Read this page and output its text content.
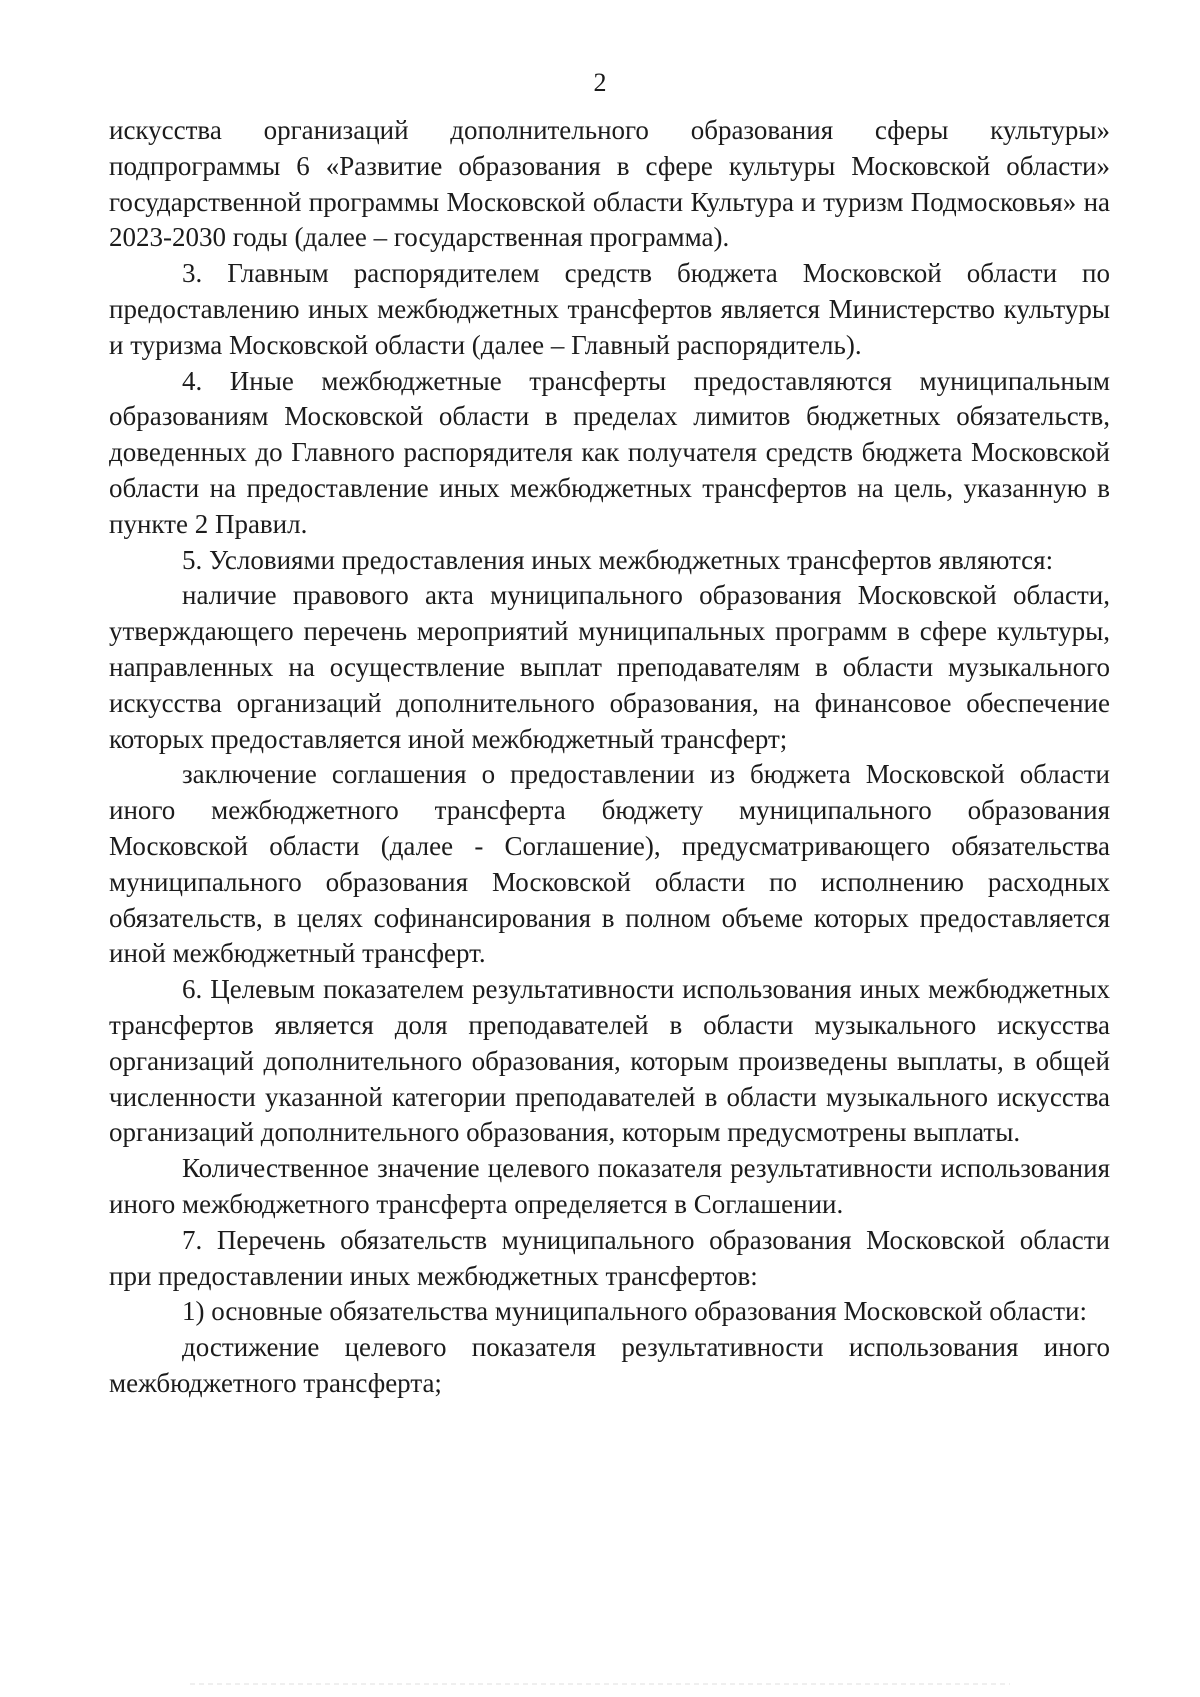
2

искусства организаций дополнительного образования сферы культуры» подпрограммы 6 «Развитие образования в сфере культуры Московской области» государственной программы Московской области Культура и туризм Подмосковья» на 2023-2030 годы (далее – государственная программа).

3. Главным распорядителем средств бюджета Московской области по предоставлению иных межбюджетных трансфертов является Министерство культуры и туризма Московской области (далее – Главный распорядитель).

4. Иные межбюджетные трансферты предоставляются муниципальным образованиям Московской области в пределах лимитов бюджетных обязательств, доведенных до Главного распорядителя как получателя средств бюджета Московской области на предоставление иных межбюджетных трансфертов на цель, указанную в пункте 2 Правил.

5. Условиями предоставления иных межбюджетных трансфертов являются:

наличие правового акта муниципального образования Московской области, утверждающего перечень мероприятий муниципальных программ в сфере культуры, направленных на осуществление выплат преподавателям в области музыкального искусства организаций дополнительного образования, на финансовое обеспечение которых предоставляется иной межбюджетный трансферт;

заключение соглашения о предоставлении из бюджета Московской области иного межбюджетного трансферта бюджету муниципального образования Московской области (далее - Соглашение), предусматривающего обязательства муниципального образования Московской области по исполнению расходных обязательств, в целях софинансирования в полном объеме которых предоставляется иной межбюджетный трансферт.

6. Целевым показателем результативности использования иных межбюджетных трансфертов является доля преподавателей в области музыкального искусства организаций дополнительного образования, которым произведены выплаты, в общей численности указанной категории преподавателей в области музыкального искусства организаций дополнительного образования, которым предусмотрены выплаты.

Количественное значение целевого показателя результативности использования иного межбюджетного трансферта определяется в Соглашении.

7. Перечень обязательств муниципального образования Московской области при предоставлении иных межбюджетных трансфертов:

1) основные обязательства муниципального образования Московской области:

достижение целевого показателя результативности использования иного межбюджетного трансферта;
